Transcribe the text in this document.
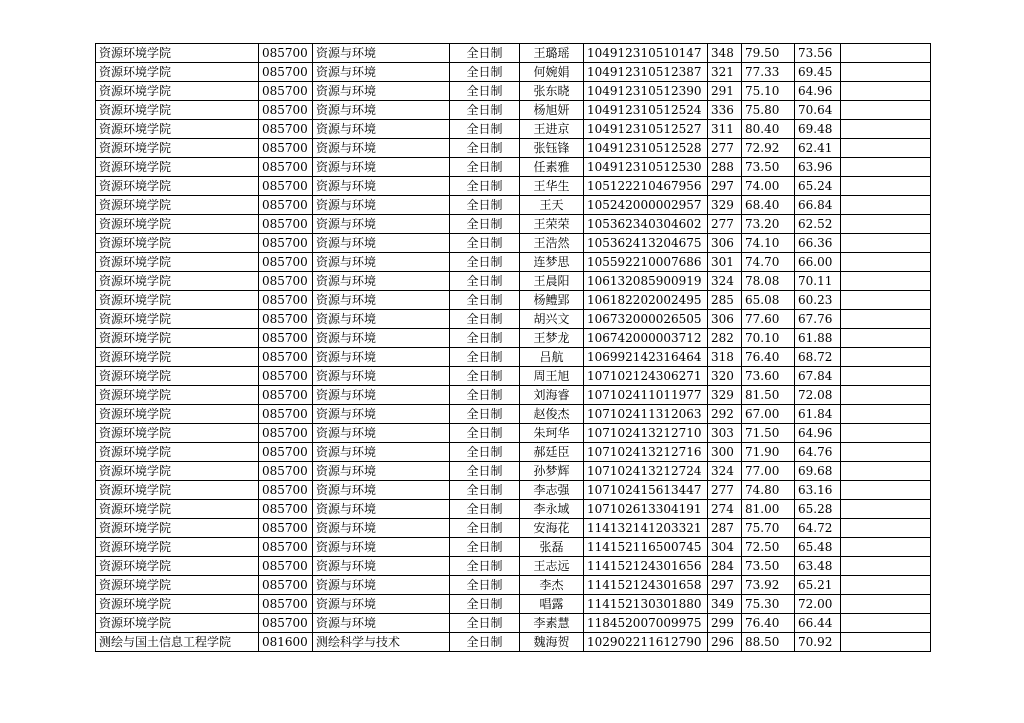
资源环境学院	085700	资源与环境	全日制	王璐瑶	104912310510147	348	79.50	73.56	
资源环境学院	085700	资源与环境	全日制	何婉娟	104912310512387	321	77.33	69.45	
资源环境学院	085700	资源与环境	全日制	张东晓	104912310512390	291	75.10	64.96	
资源环境学院	085700	资源与环境	全日制	杨旭妍	104912310512524	336	75.80	70.64	
资源环境学院	085700	资源与环境	全日制	王进京	104912310512527	311	80.40	69.48	
资源环境学院	085700	资源与环境	全日制	张钰锋	104912310512528	277	72.92	62.41	
资源环境学院	085700	资源与环境	全日制	任素雅	104912310512530	288	73.50	63.96	
资源环境学院	085700	资源与环境	全日制	王华生	105122210467956	297	74.00	65.24	
资源环境学院	085700	资源与环境	全日制	王天	105242000002957	329	68.40	66.84	
资源环境学院	085700	资源与环境	全日制	王荣荣	105362340304602	277	73.20	62.52	
资源环境学院	085700	资源与环境	全日制	王浩然	105362413204675	306	74.10	66.36	
资源环境学院	085700	资源与环境	全日制	连梦思	105592210007686	301	74.70	66.00	
资源环境学院	085700	资源与环境	全日制	王晨阳	106132085900919	324	78.08	70.11	
资源环境学院	085700	资源与环境	全日制	杨鳢郢	106182202002495	285	65.08	60.23	
资源环境学院	085700	资源与环境	全日制	胡兴文	106732000026505	306	77.60	67.76	
资源环境学院	085700	资源与环境	全日制	王梦龙	106742000003712	282	70.10	61.88	
资源环境学院	085700	资源与环境	全日制	吕航	106992142316464	318	76.40	68.72	
资源环境学院	085700	资源与环境	全日制	周王旭	107102124306271	320	73.60	67.84	
资源环境学院	085700	资源与环境	全日制	刘海睿	107102411011977	329	81.50	72.08	
资源环境学院	085700	资源与环境	全日制	赵俊杰	107102411312063	292	67.00	61.84	
资源环境学院	085700	资源与环境	全日制	朱珂华	107102413212710	303	71.50	64.96	
资源环境学院	085700	资源与环境	全日制	郝廷臣	107102413212716	300	71.90	64.76	
资源环境学院	085700	资源与环境	全日制	孙梦辉	107102413212724	324	77.00	69.68	
资源环境学院	085700	资源与环境	全日制	李志强	107102415613447	277	74.80	63.16	
资源环境学院	085700	资源与环境	全日制	李永域	107102613304191	274	81.00	65.28	
资源环境学院	085700	资源与环境	全日制	安海花	114132141203321	287	75.70	64.72	
资源环境学院	085700	资源与环境	全日制	张磊	114152116500745	304	72.50	65.48	
资源环境学院	085700	资源与环境	全日制	王志远	114152124301656	284	73.50	63.48	
资源环境学院	085700	资源与环境	全日制	李杰	114152124301658	297	73.92	65.21	
资源环境学院	085700	资源与环境	全日制	唱露	114152130301880	349	75.30	72.00	
资源环境学院	085700	资源与环境	全日制	李素慧	118452007009975	299	76.40	66.44	
测绘与国土信息工程学院	081600	测绘科学与技术	全日制	魏海贺	102902211612790	296	88.50	70.92	
